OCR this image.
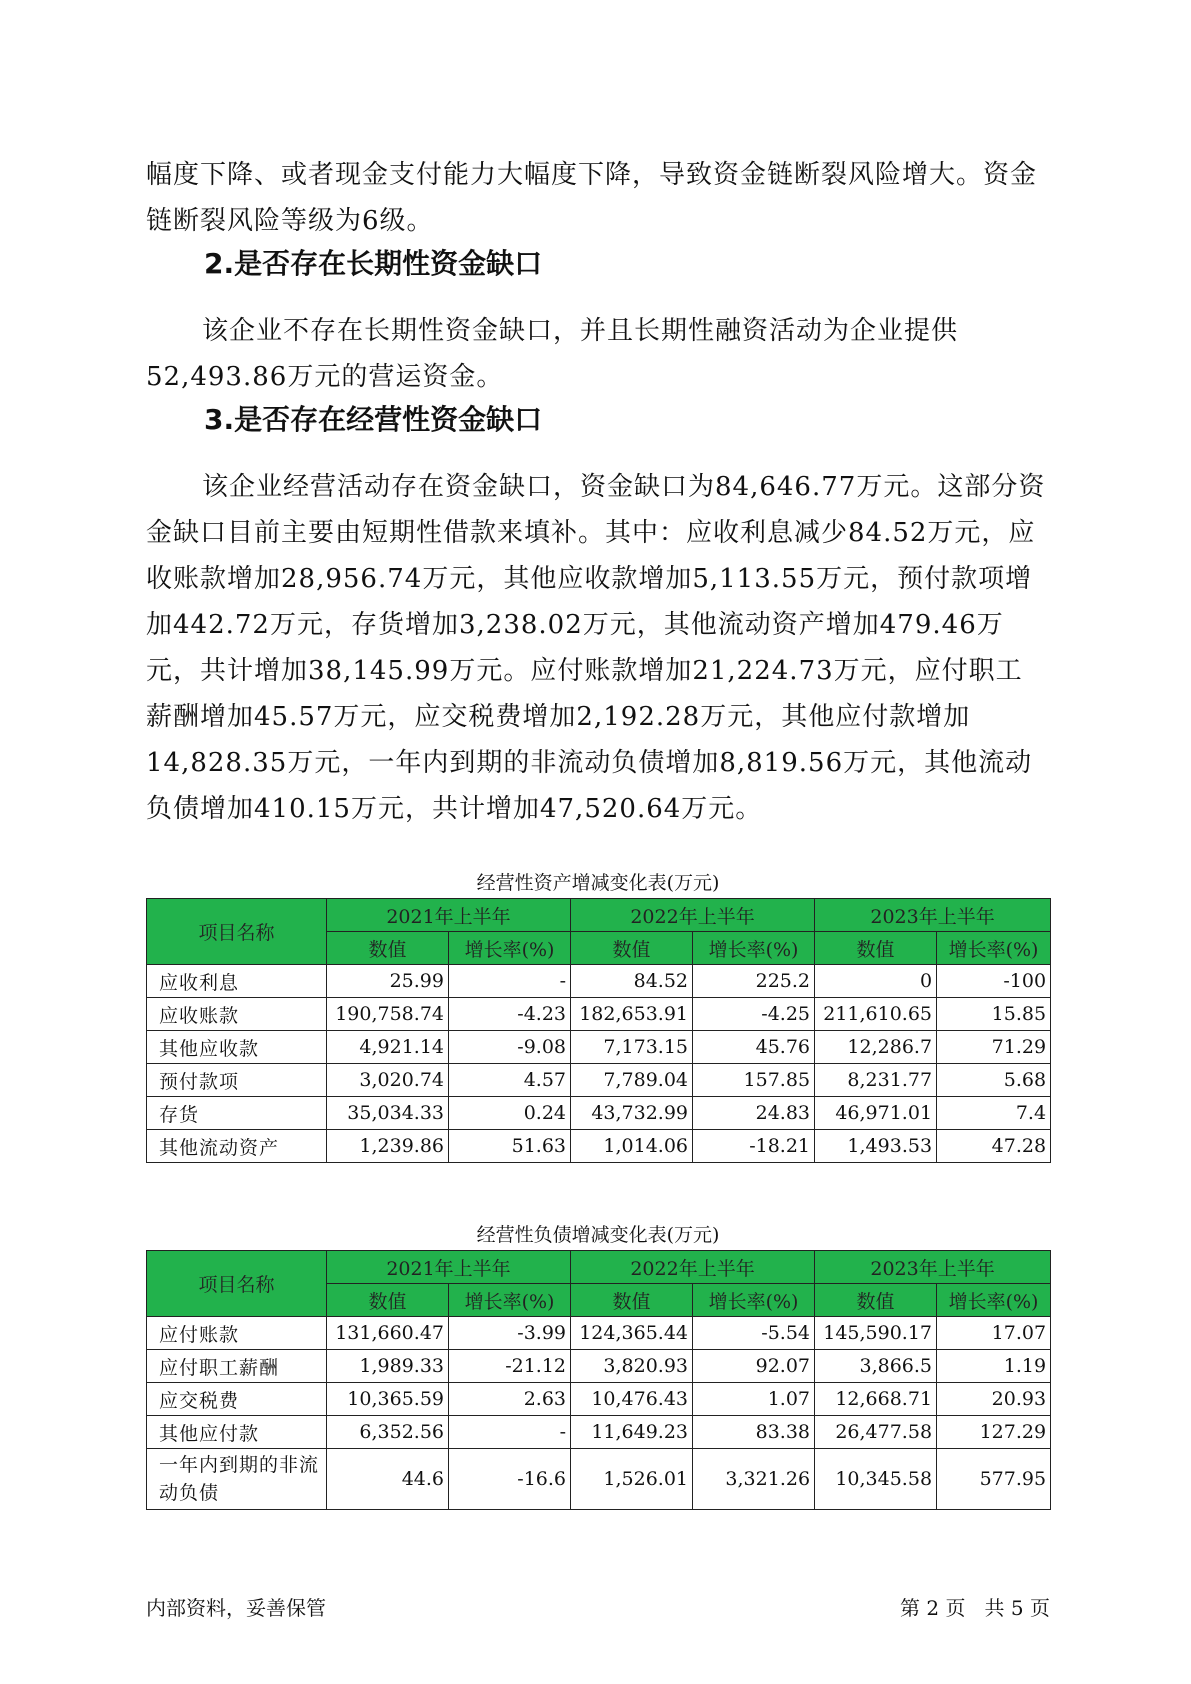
幅度下降、或者现金支付能力大幅度下降，导致资金链断裂风险增大。资金链断裂风险等级为6级。

2.是否存在长期性资金缺口

该企业不存在长期性资金缺口，并且长期性融资活动为企业提供52,493.86万元的营运资金。

3.是否存在经营性资金缺口

该企业经营活动存在资金缺口，资金缺口为84,646.77万元。这部分资金缺口目前主要由短期性借款来填补。其中：应收利息减少84.52万元，应收账款增加28,956.74万元，其他应收款增加5,113.55万元，预付款项增加442.72万元，存货增加3,238.02万元，其他流动资产增加479.46万元，共计增加38,145.99万元。应付账款增加21,224.73万元，应付职工薪酬增加45.57万元，应交税费增加2,192.28万元，其他应付款增加14,828.35万元，一年内到期的非流动负债增加8,819.56万元，其他流动负债增加410.15万元，共计增加47,520.64万元。

经营性资产增减变化表(万元)
项目名称	2021年上半年		2022年上半年		2023年上半年	
	数值	增长率(%)	数值	增长率(%)	数值	增长率(%)
应收利息	25.99	-	84.52	225.2	0	-100
应收账款	190,758.74	-4.23	182,653.91	-4.25	211,610.65	15.85
其他应收款	4,921.14	-9.08	7,173.15	45.76	12,286.7	71.29
预付款项	3,020.74	4.57	7,789.04	157.85	8,231.77	5.68
存货	35,034.33	0.24	43,732.99	24.83	46,971.01	7.4
其他流动资产	1,239.86	51.63	1,014.06	-18.21	1,493.53	47.28
经营性负债增减变化表(万元)
项目名称	2021年上半年		2022年上半年		2023年上半年	
	数值	增长率(%)	数值	增长率(%)	数值	增长率(%)
应付账款	131,660.47	-3.99	124,365.44	-5.54	145,590.17	17.07
应付职工薪酬	1,989.33	-21.12	3,820.93	92.07	3,866.5	1.19
应交税费	10,365.59	2.63	10,476.43	1.07	12,668.71	20.93
其他应付款	6,352.56	-	11,649.23	83.38	26,477.58	127.29
一年内到期的非流动负债	44.6	-16.6	1,526.01	3,321.26	10,345.58	577.95
内部资料，妥善保管	第 2 页   共 5 页
